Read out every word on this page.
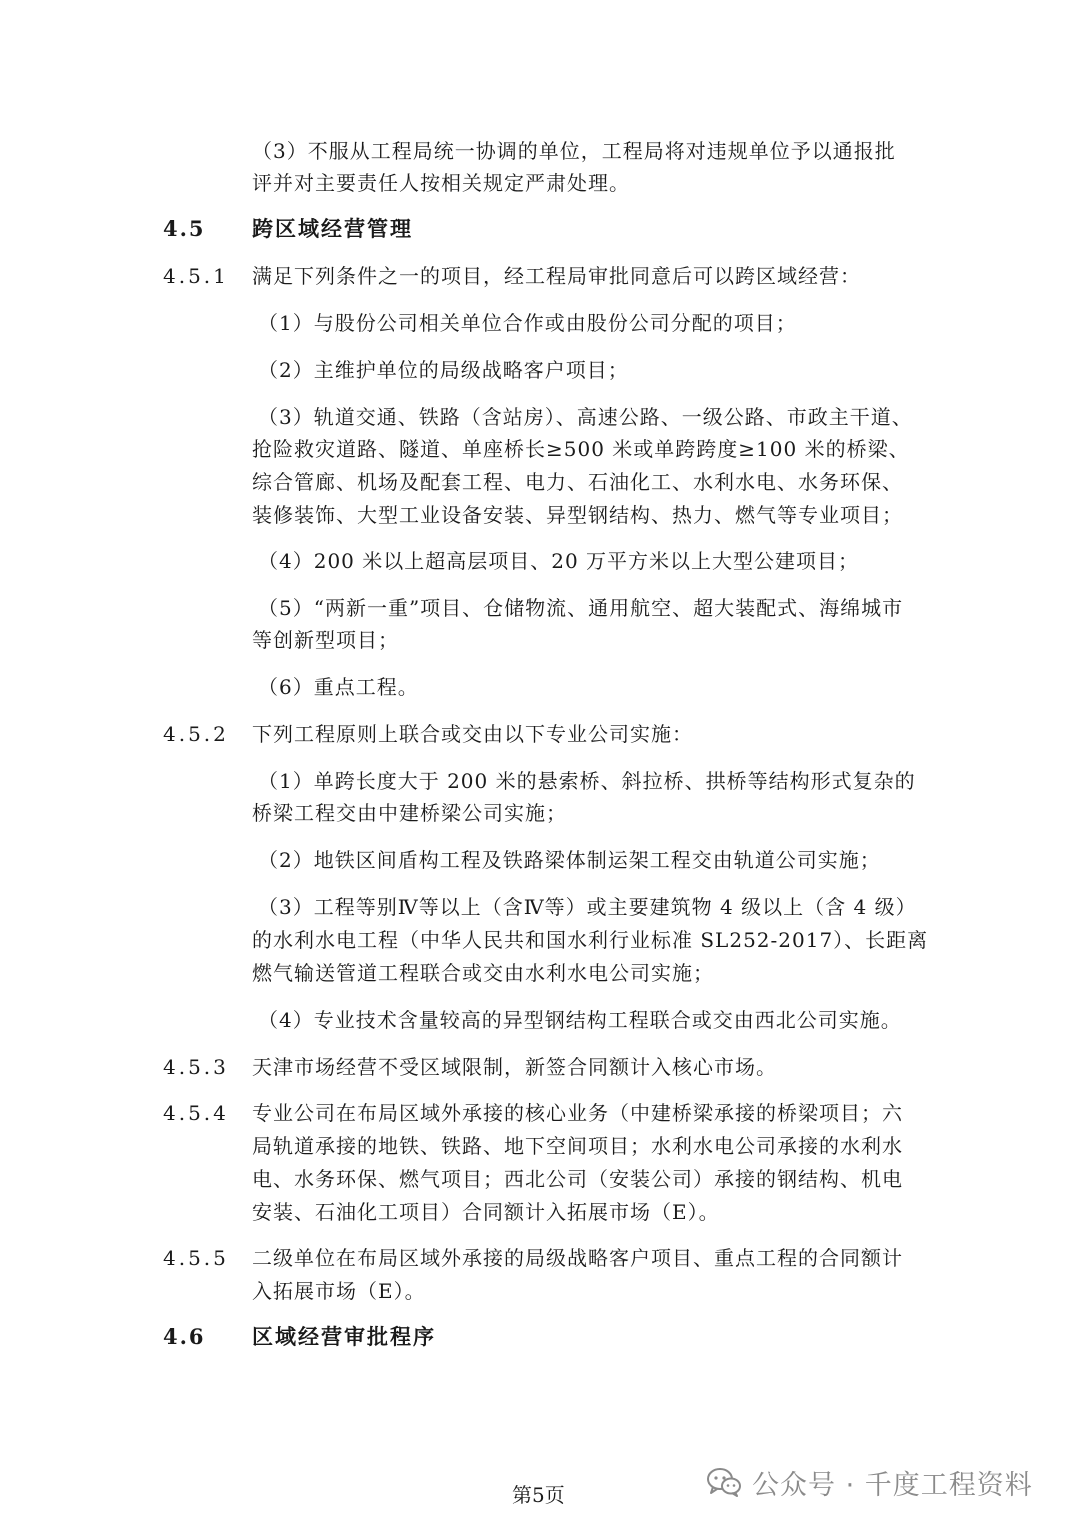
（3）不服从工程局统一协调的单位，工程局将对违规单位予以通报批
评并对主要责任人按相关规定严肃处理。
4.5 跨区域经营管理
4.5.1 满足下列条件之一的项目，经工程局审批同意后可以跨区域经营：
（1）与股份公司相关单位合作或由股份公司分配的项目；
（2）主维护单位的局级战略客户项目；
（3）轨道交通、铁路（含站房）、高速公路、一级公路、市政主干道、
抢险救灾道路、隧道、单座桥长≥500 米或单跨跨度≥100 米的桥梁、
综合管廊、机场及配套工程、电力、石油化工、水利水电、水务环保、
装修装饰、大型工业设备安装、异型钢结构、热力、燃气等专业项目；
（4）200 米以上超高层项目、20 万平方米以上大型公建项目；
（5）“两新一重”项目、仓储物流、通用航空、超大装配式、海绵城市
等创新型项目；
（6）重点工程。
4.5.2 下列工程原则上联合或交由以下专业公司实施：
（1）单跨长度大于 200 米的悬索桥、斜拉桥、拱桥等结构形式复杂的
桥梁工程交由中建桥梁公司实施；
（2）地铁区间盾构工程及铁路梁体制运架工程交由轨道公司实施；
（3）工程等别Ⅳ等以上（含Ⅳ等）或主要建筑物 4 级以上（含 4 级）
的水利水电工程（中华人民共和国水利行业标准 SL252-2017）、长距离
燃气输送管道工程联合或交由水利水电公司实施；
（4）专业技术含量较高的异型钢结构工程联合或交由西北公司实施。
4.5.3 天津市场经营不受区域限制，新签合同额计入核心市场。
4.5.4 专业公司在布局区域外承接的核心业务（中建桥梁承接的桥梁项目；六
局轨道承接的地铁、铁路、地下空间项目；水利水电公司承接的水利水
电、水务环保、燃气项目；西北公司（安装公司）承接的钢结构、机电
安装、石油化工项目）合同额计入拓展市场（E）。
4.5.5 二级单位在布局区域外承接的局级战略客户项目、重点工程的合同额计
入拓展市场（E）。
4.6 区域经营审批程序
第5页	公众号 · 千度工程资料
